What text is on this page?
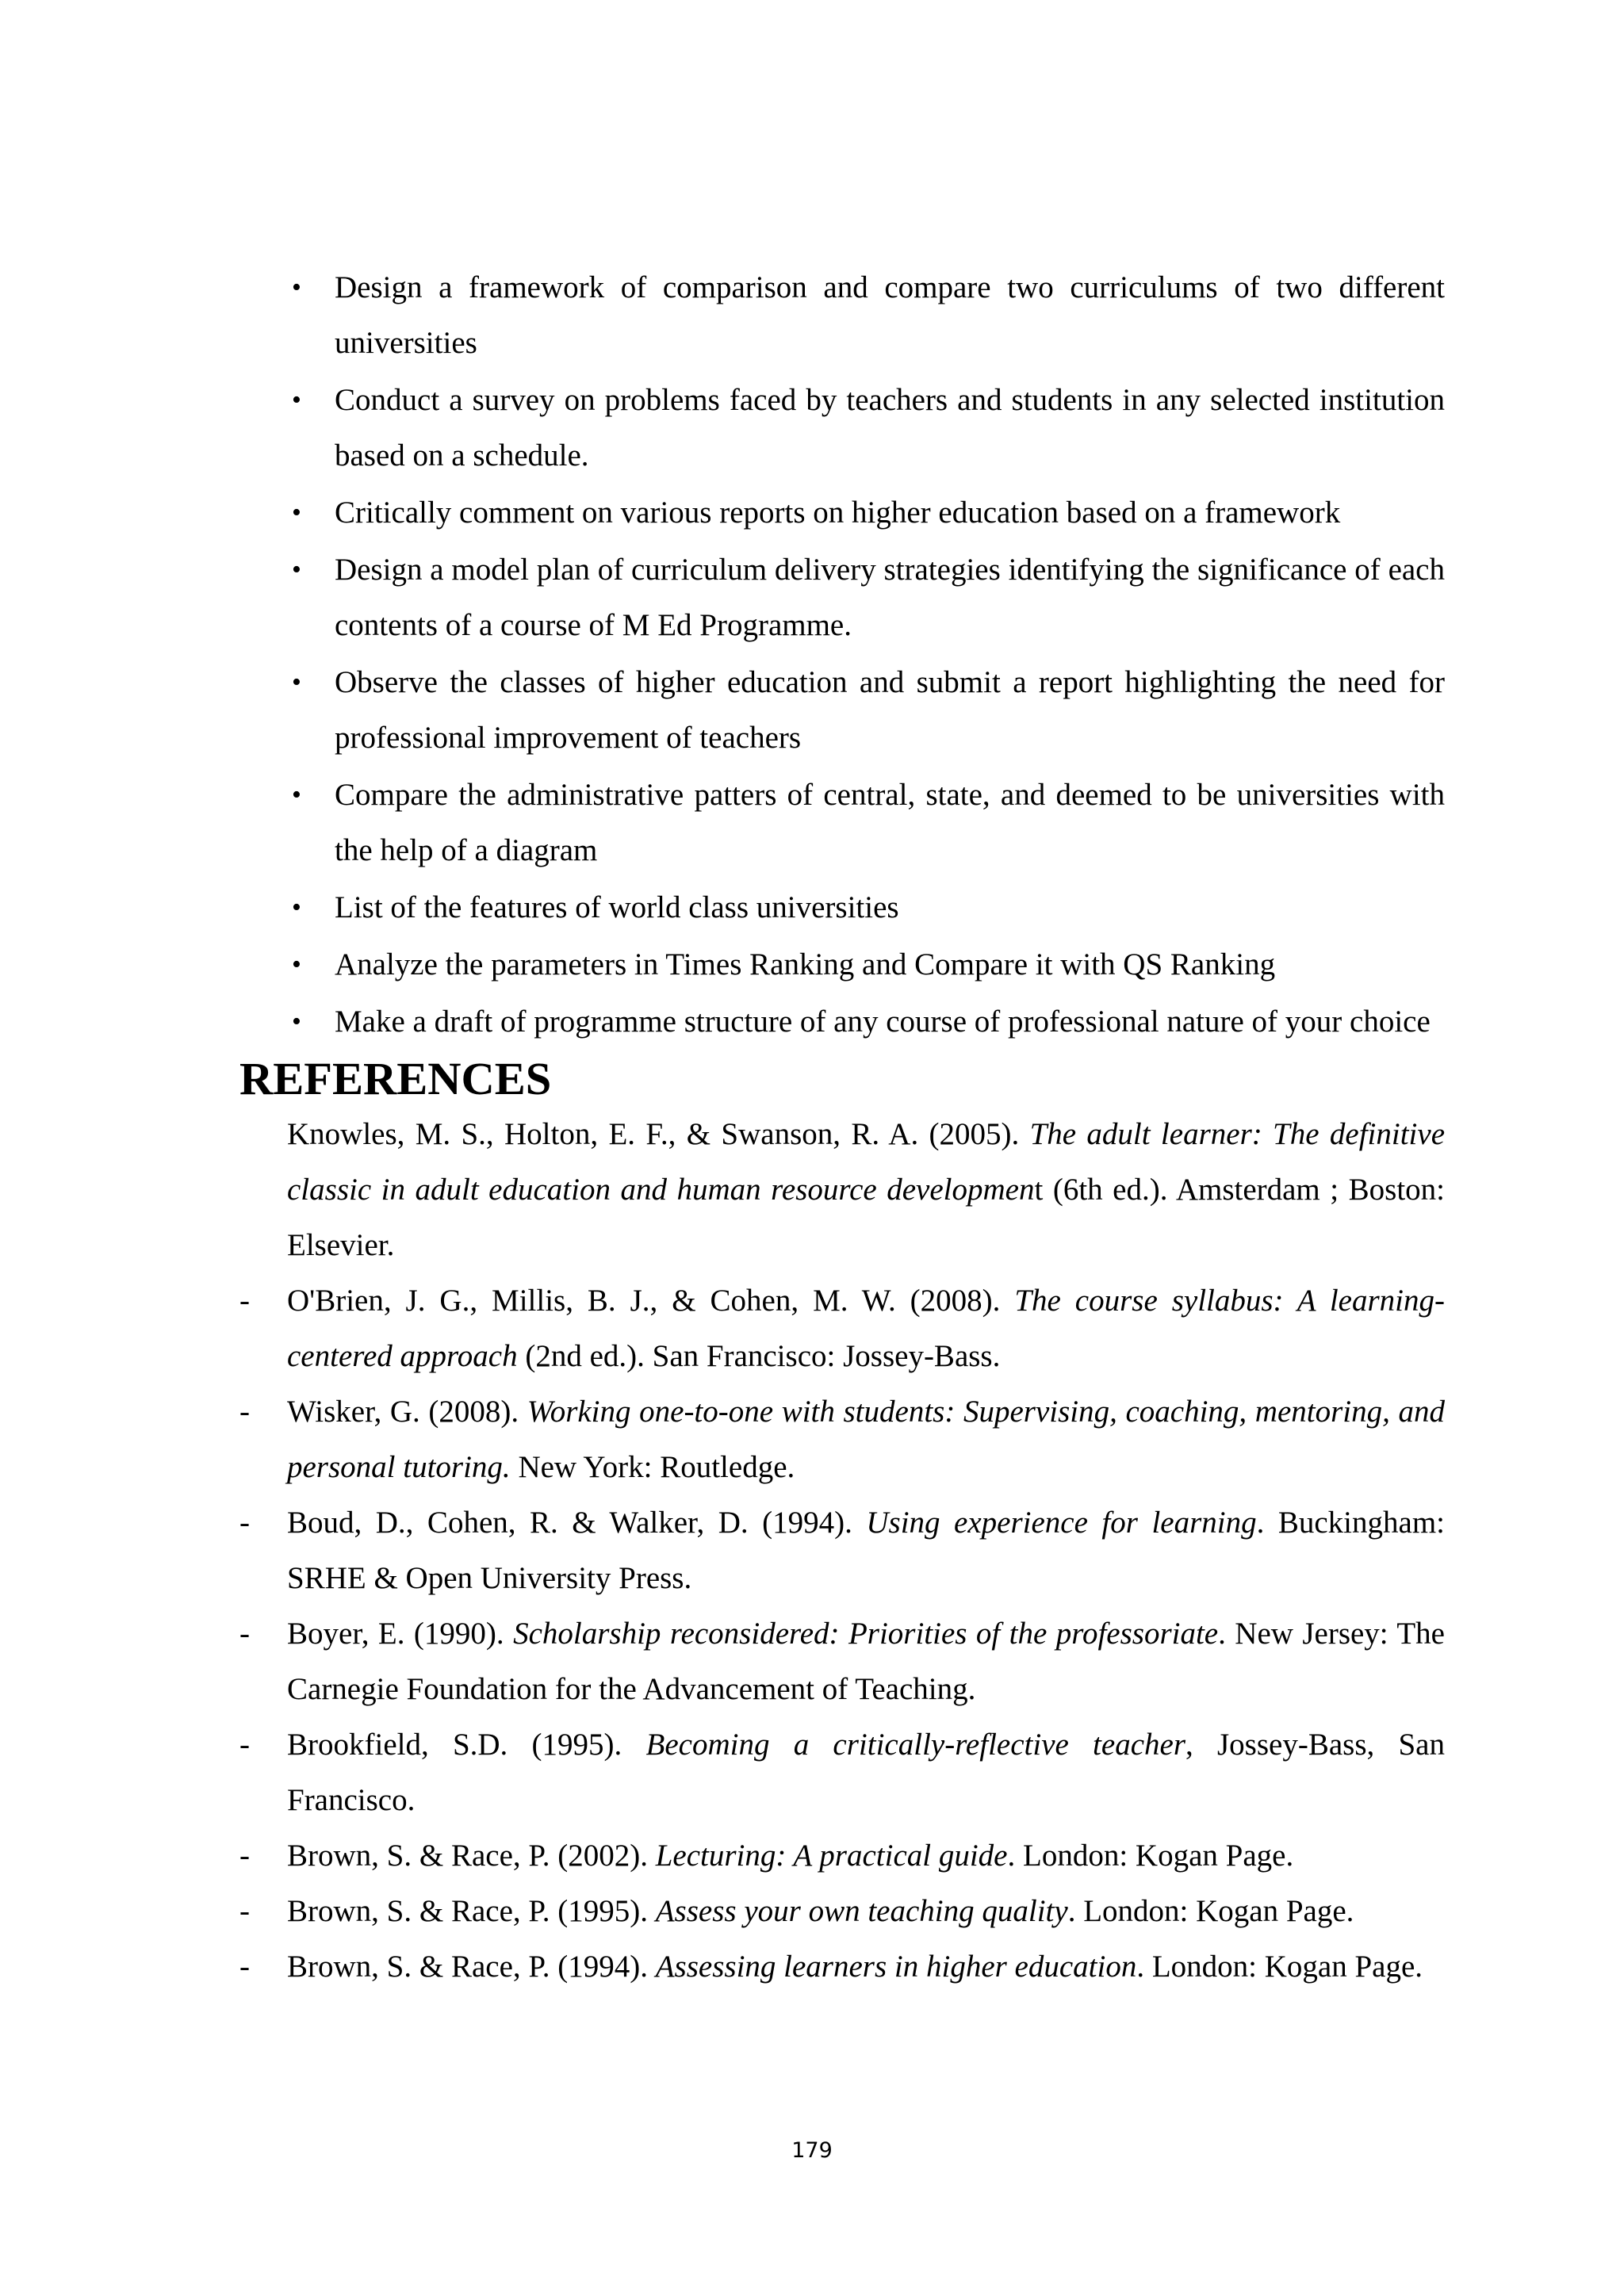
• Design a framework of comparison and compare two curriculums of two different universities
• Conduct a survey on problems faced by teachers and students in any selected institution based on a schedule.
• Critically comment on various reports on higher education based on a framework
• Design a model plan of curriculum delivery strategies identifying the significance of each contents of a course of M Ed Programme.
• Observe the classes of higher education and submit a report highlighting the need for professional improvement of teachers
• Compare the administrative patters of central, state, and deemed to be universities with the help of a diagram
• List of the features of world class universities
• Analyze the parameters in Times Ranking and Compare it with QS Ranking
• Make a draft of programme structure of any course of professional nature of your choice
REFERENCES
Knowles, M. S., Holton, E. F., & Swanson, R. A. (2005). The adult learner: The definitive classic in adult education and human resource development (6th ed.). Amsterdam ; Boston: Elsevier.
- O'Brien, J. G., Millis, B. J., & Cohen, M. W. (2008). The course syllabus: A learning-centered approach (2nd ed.). San Francisco: Jossey-Bass.
- Wisker, G. (2008). Working one-to-one with students: Supervising, coaching, mentoring, and personal tutoring. New York: Routledge.
- Boud, D., Cohen, R. & Walker, D. (1994). Using experience for learning. Buckingham: SRHE & Open University Press.
- Boyer, E. (1990). Scholarship reconsidered: Priorities of the professoriate. New Jersey: The Carnegie Foundation for the Advancement of Teaching.
- Brookfield, S.D. (1995). Becoming a critically-reflective teacher, Jossey-Bass, San Francisco.
- Brown, S. & Race, P. (2002). Lecturing: A practical guide. London: Kogan Page.
- Brown, S. & Race, P. (1995). Assess your own teaching quality. London: Kogan Page.
- Brown, S. & Race, P. (1994). Assessing learners in higher education. London: Kogan Page.
179
